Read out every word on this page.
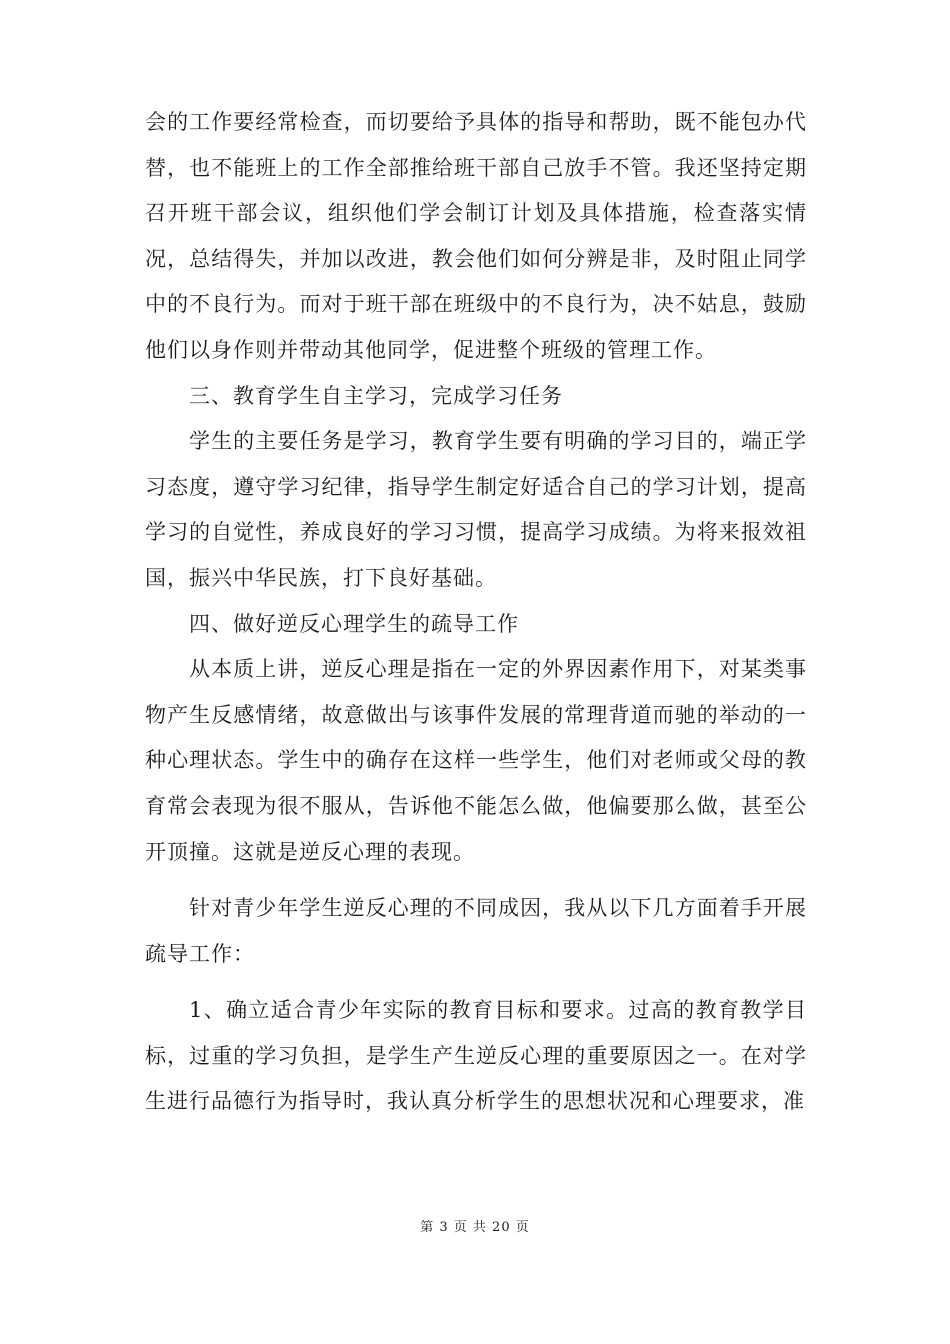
会的工作要经常检查，而切要给予具体的指导和帮助，既不能包办代替，也不能班上的工作全部推给班干部自己放手不管。我还坚持定期召开班干部会议，组织他们学会制订计划及具体措施，检查落实情况，总结得失，并加以改进，教会他们如何分辨是非，及时阻止同学中的不良行为。而对于班干部在班级中的不良行为，决不姑息，鼓励他们以身作则并带动其他同学，促进整个班级的管理工作。

三、教育学生自主学习，完成学习任务

学生的主要任务是学习，教育学生要有明确的学习目的，端正学习态度，遵守学习纪律，指导学生制定好适合自己的学习计划，提高学习的自觉性，养成良好的学习习惯，提高学习成绩。为将来报效祖国，振兴中华民族，打下良好基础。

四、做好逆反心理学生的疏导工作

从本质上讲，逆反心理是指在一定的外界因素作用下，对某类事物产生反感情绪，故意做出与该事件发展的常理背道而驰的举动的一种心理状态。学生中的确存在这样一些学生，他们对老师或父母的教育常会表现为很不服从，告诉他不能怎么做，他偏要那么做，甚至公开顶撞。这就是逆反心理的表现。

针对青少年学生逆反心理的不同成因，我从以下几方面着手开展疏导工作：

1、确立适合青少年实际的教育目标和要求。过高的教育教学目标，过重的学习负担，是学生产生逆反心理的重要原因之一。在对学生进行品德行为指导时，我认真分析学生的思想状况和心理要求，准

第 3 页 共 20 页
